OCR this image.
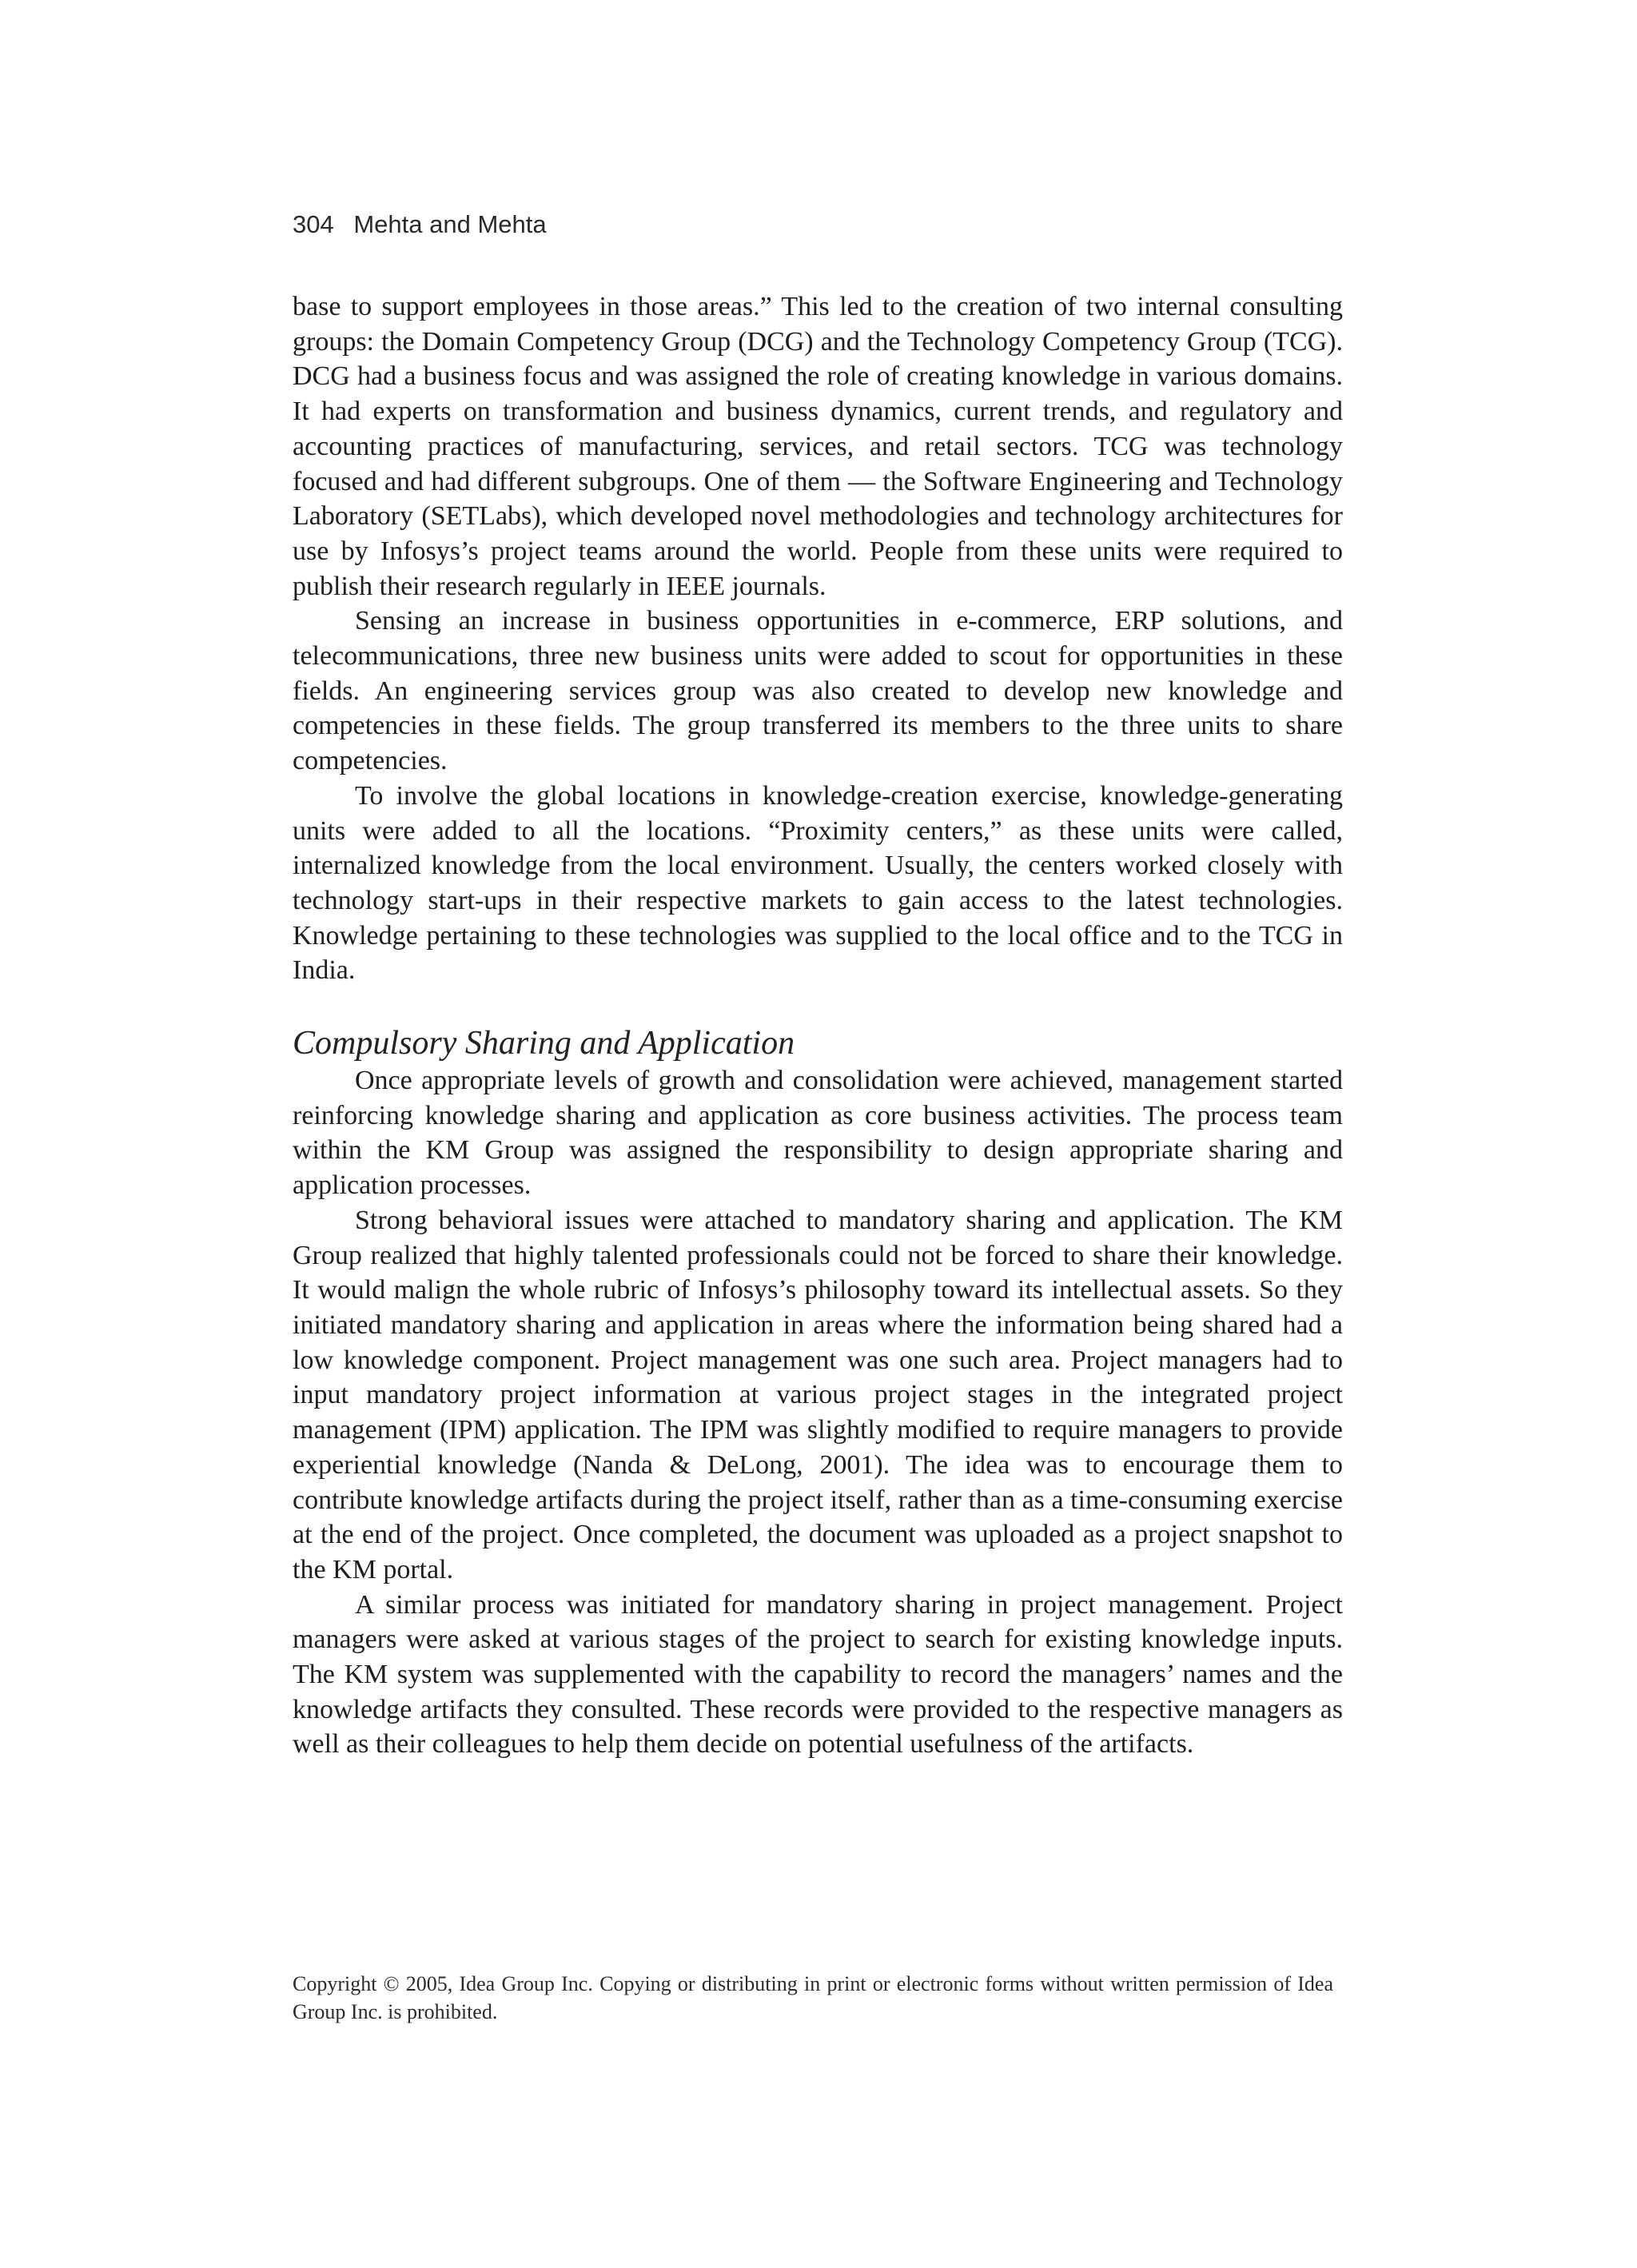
304 Mehta and Mehta

base to support employees in those areas.” This led to the creation of two internal consulting groups: the Domain Competency Group (DCG) and the Technology Competency Group (TCG). DCG had a business focus and was assigned the role of creating knowledge in various domains. It had experts on transformation and business dynamics, current trends, and regulatory and accounting practices of manufacturing, services, and retail sectors. TCG was technology focused and had different subgroups. One of them — the Software Engineering and Technology Laboratory (SETLabs), which developed novel methodologies and technology architectures for use by Infosys’s project teams around the world. People from these units were required to publish their research regularly in IEEE journals.

Sensing an increase in business opportunities in e-commerce, ERP solutions, and telecommunications, three new business units were added to scout for opportunities in these fields. An engineering services group was also created to develop new knowledge and competencies in these fields. The group transferred its members to the three units to share competencies.

To involve the global locations in knowledge-creation exercise, knowledge-generating units were added to all the locations. “Proximity centers,” as these units were called, internalized knowledge from the local environment. Usually, the centers worked closely with technology start-ups in their respective markets to gain access to the latest technologies. Knowledge pertaining to these technologies was supplied to the local office and to the TCG in India.

Compulsory Sharing and Application

Once appropriate levels of growth and consolidation were achieved, management started reinforcing knowledge sharing and application as core business activities. The process team within the KM Group was assigned the responsibility to design appropriate sharing and application processes.

Strong behavioral issues were attached to mandatory sharing and application. The KM Group realized that highly talented professionals could not be forced to share their knowledge. It would malign the whole rubric of Infosys’s philosophy toward its intellectual assets. So they initiated mandatory sharing and application in areas where the information being shared had a low knowledge component. Project management was one such area. Project managers had to input mandatory project information at various project stages in the integrated project management (IPM) application. The IPM was slightly modified to require managers to provide experiential knowledge (Nanda & DeLong, 2001). The idea was to encourage them to contribute knowledge artifacts during the project itself, rather than as a time-consuming exercise at the end of the project. Once completed, the document was uploaded as a project snapshot to the KM portal.

A similar process was initiated for mandatory sharing in project management. Project managers were asked at various stages of the project to search for existing knowledge inputs. The KM system was supplemented with the capability to record the managers’ names and the knowledge artifacts they consulted. These records were provided to the respective managers as well as their colleagues to help them decide on potential usefulness of the artifacts.

Copyright © 2005, Idea Group Inc. Copying or distributing in print or electronic forms without written permission of Idea Group Inc. is prohibited.
